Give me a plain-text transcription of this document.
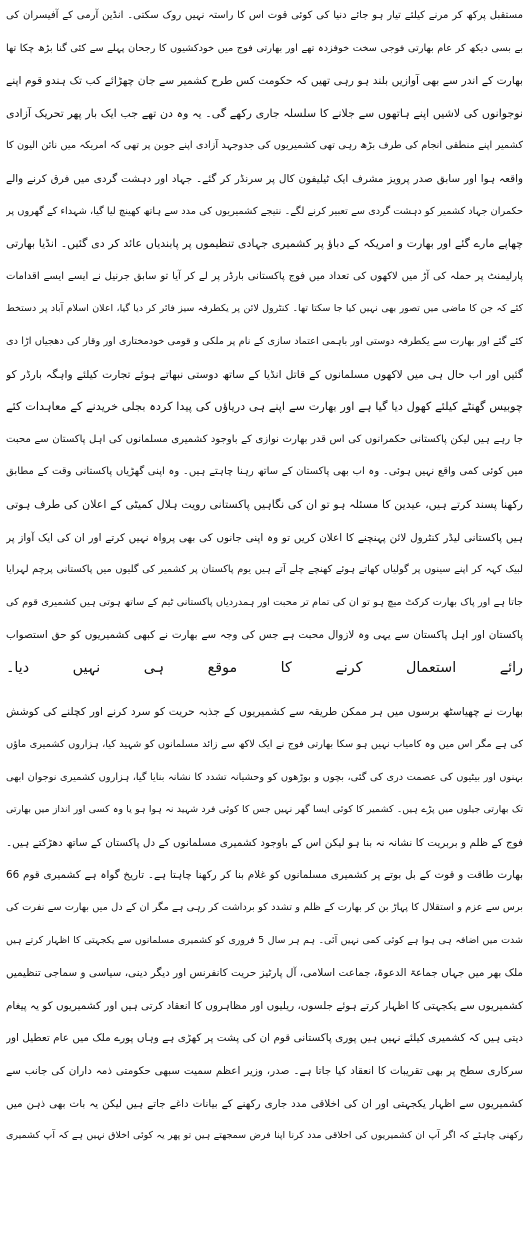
مستقبل پرکھ کر مرنے کیلئے تیار ہو جائے دنیا کی کوئی قوت اس کا راستہ نہیں روک سکتی۔ انڈین آرمی کے آفیسران کی
بے بسی دیکھ کر عام بھارتی فوجی سخت خوفزدہ تھے اور بھارتی فوج میں خودکشیوں کا رجحان پہلے سے کئی گنا بڑھ چکا تھا
بھارت کے اندر سے بھی آوازیں بلند ہو رہی تھیں کہ حکومت کس طرح کشمیر سے جان چھڑائے کب تک ہندو قوم اپنے
نوجوانوں کی لاشیں اپنے ہاتھوں سے جلانے کا سلسلہ جاری رکھے گی۔ یہ وہ دن تھے جب ایک بار پھر تحریک آزادی
کشمیر اپنے منطقی انجام کی طرف بڑھ رہی تھی کشمیریوں کی جدوجہد آزادی اپنے جوبن پر تھی کہ امریکہ میں نائن الیون کا
واقعہ ہوا اور سابق صدر پرویز مشرف ایک ٹیلیفون کال پر سرنڈر کر گئے۔ جہاد اور دہشت گردی میں فرق کرنے والے
حکمران جہاد کشمیر کو دہشت گردی سے تعبیر کرنے لگے۔ نتیجے کشمیریوں کی مدد سے ہاتھ کھینچ لیا گیا، شہداء کے گھروں پر
چھاپے مارے گئے اور بھارت و امریکہ کے دباؤ پر کشمیری جہادی تنظیموں پر پابندیاں عائد کر دی گئیں۔ انڈیا بھارتی
پارلیمنٹ پر حملہ کی آڑ میں لاکھوں کی تعداد میں فوج پاکستانی بارڈر پر لے کر آیا تو سابق جرنیل نے ایسے ایسے اقدامات
کئے کہ جن کا ماضی میں تصور بھی نہیں کیا جا سکتا تھا۔ کنٹرول لائن پر یکطرفہ سیز فائر کر دیا گیا، اعلان اسلام آباد پر دستخط
کئے گئے اور بھارت سے یکطرفہ دوستی اور باہمی اعتماد سازی کے نام پر ملکی و قومی خودمختاری اور وقار کی دھجیاں اڑا دی
گئیں اور اب حال ہی میں لاکھوں مسلمانوں کے قاتل انڈیا کے ساتھ دوستی نبھاتے ہوئے تجارت کیلئے واہگہ بارڈر کو
چوبیس گھنٹے کیلئے کھول دیا گیا ہے اور بھارت سے اپنے ہی دریاؤں کی پیدا کردہ بجلی خریدنے کے معاہدات کئے
جا رہے ہیں لیکن پاکستانی حکمرانوں کی اس قدر بھارت نوازی کے باوجود کشمیری مسلمانوں کی اہل پاکستان سے محبت
میں کوئی کمی واقع نہیں ہوئی۔ وہ اب بھی پاکستان کے ساتھ رہنا چاہتے ہیں۔ وہ اپنی گھڑیاں پاکستانی وقت کے مطابق
رکھنا پسند کرتے ہیں، عیدین کا مسئلہ ہو تو ان کی نگاہیں پاکستانی رویت ہلال کمیٹی کے اعلان کی طرف ہوتی
ہیں پاکستانی لیڈر کنٹرول لائن پہنچنے کا اعلان کریں تو وہ اپنی جانوں کی بھی پرواہ نہیں کرتے اور ان کی ایک آواز پر
لبیک کہہ کر اپنے سینوں پر گولیاں کھاتے ہوئے کھنچے چلے آتے ہیں یوم پاکستان پر کشمیر کی گلیوں میں پاکستانی پرچم لہرایا
جاتا ہے اور پاک بھارت کرکٹ میچ ہو تو ان کی تمام تر محبت اور ہمدردیاں پاکستانی ٹیم کے ساتھ ہوتی ہیں کشمیری قوم کی
پاکستان اور اہل پاکستان سے یہی وہ لازوال محبت ہے جس کی وجہ سے بھارت نے کبھی کشمیریوں کو حق استصواب
رائے استعمال کرنے کا موقع ہی نہیں دیا۔
بھارت نے چھیاسٹھ برسوں میں ہر ممکن طریقہ سے کشمیریوں کے جذبہ حریت کو سرد کرنے اور کچلنے کی کوشش
کی ہے مگر اس میں وہ کامیاب نہیں ہو سکا بھارتی فوج نے ایک لاکھ سے زائد مسلمانوں کو شہید کیا، ہزاروں کشمیری ماؤں
بہنوں اور بیٹیوں کی عصمت دری کی گئی، بچوں و بوڑھوں کو وحشیانہ تشدد کا نشانہ بنایا گیا، ہزاروں کشمیری نوجوان ابھی
تک بھارتی جیلوں میں پڑے ہیں۔ کشمیر کا کوئی ایسا گھر نہیں جس کا کوئی فرد شہید نہ ہوا ہو یا وہ کسی اور انداز میں بھارتی
فوج کے ظلم و بربریت کا نشانہ نہ بنا ہو لیکن اس کے باوجود کشمیری مسلمانوں کے دل پاکستان کے ساتھ دھڑکتے ہیں۔
بھارت طاقت و قوت کے بل بوتے پر کشمیری مسلمانوں کو غلام بنا کر رکھنا چاہتا ہے۔ تاریخ گواہ ہے کشمیری قوم 66
برس سے عزم و استقلال کا پہاڑ بن کر بھارت کے ظلم و تشدد کو برداشت کر رہی ہے مگر ان کے دل میں بھارت سے نفرت کی
شدت میں اضافہ ہی ہوا ہے کوئی کمی نہیں آئی۔ ہم ہر سال 5 فروری کو کشمیری مسلمانوں سے یکجہتی کا اظہار کرتے ہیں
ملک بھر میں جہاں جماعۃ الدعوۃ، جماعت اسلامی، آل پارٹیز حریت کانفرنس اور دیگر دینی، سیاسی و سماجی تنظیمیں
کشمیریوں سے یکجہتی کا اظہار کرتے ہوئے جلسوں، ریلیوں اور مظاہروں کا انعقاد کرتی ہیں اور کشمیریوں کو یہ پیغام
دیتی ہیں کہ کشمیری کیلئے نہیں ہیں پوری پاکستانی قوم ان کی پشت پر کھڑی ہے وہاں پورے ملک میں عام تعطیل اور
سرکاری سطح پر بھی تقریبات کا انعقاد کیا جاتا ہے۔ صدر، وزیر اعظم سمیت سبھی حکومتی ذمہ داران کی جانب سے
کشمیریوں سے اظہار یکجہتی اور ان کی اخلاقی مدد جاری رکھنے کے بیانات داغے جاتے ہیں لیکن یہ بات بھی ذہن میں
رکھنی چاہئے کہ اگر آپ ان کشمیریوں کی اخلاقی مدد کرنا اپنا فرض سمجھتے ہیں تو پھر یہ کوئی اخلاق نہیں ہے کہ آپ کشمیری
